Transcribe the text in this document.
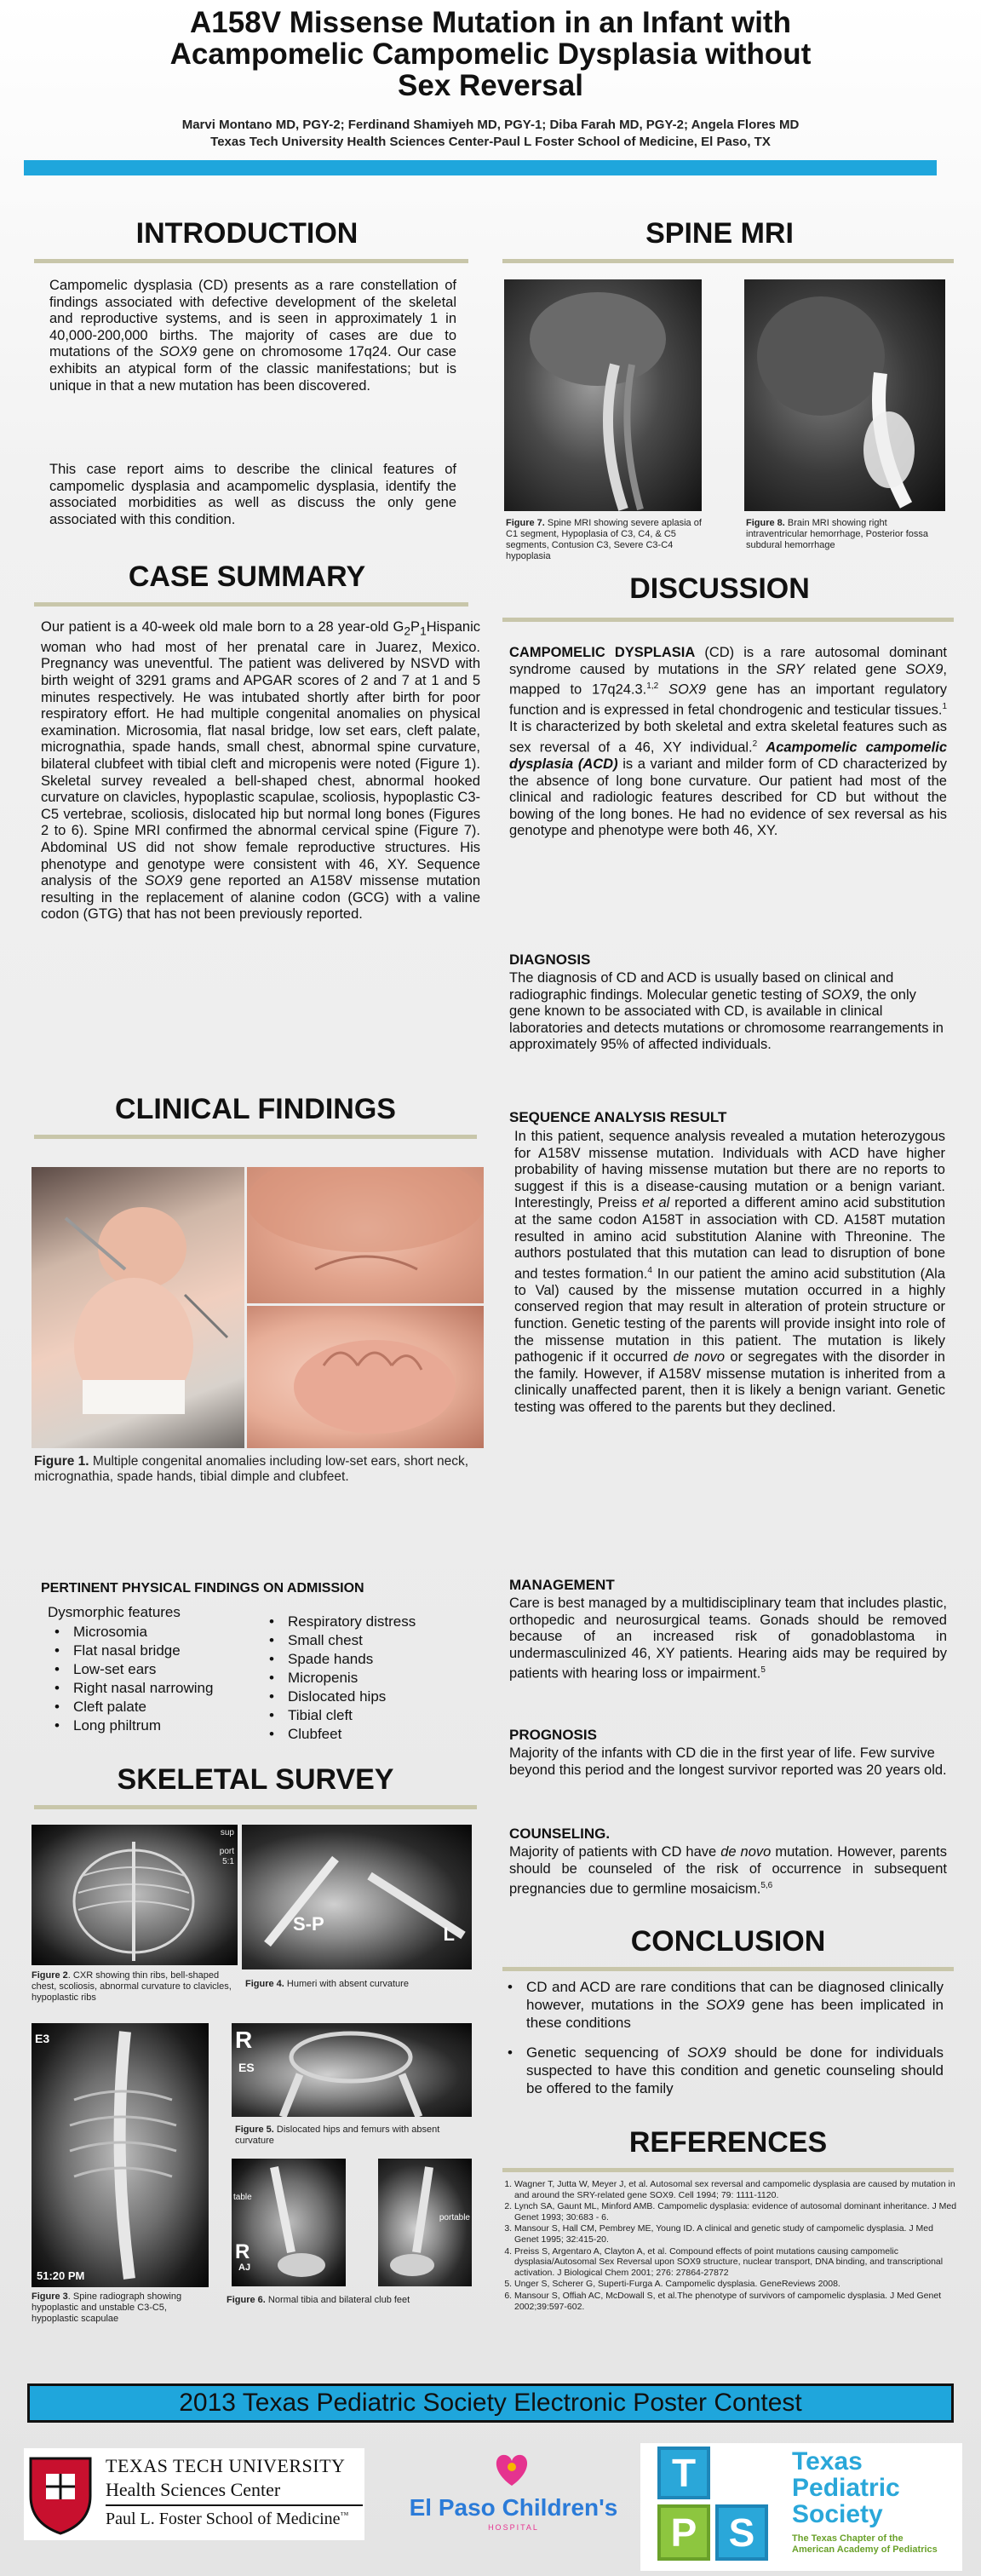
A158V Missense Mutation in an Infant with
Acampomelic Campomelic Dysplasia without
Sex Reversal
Marvi Montano MD, PGY-2; Ferdinand Shamiyeh MD, PGY-1; Diba Farah MD, PGY-2; Angela Flores MD
Texas Tech University Health Sciences Center-Paul L Foster School of Medicine, El Paso, TX
INTRODUCTION
Campomelic dysplasia (CD) presents as a rare constellation of findings associated with defective development of the skeletal and reproductive systems, and is seen in approximately 1 in 40,000-200,000 births. The majority of cases are due to mutations of the SOX9 gene on chromosome 17q24. Our case exhibits an atypical form of the classic manifestations; but is unique in that a new mutation has been discovered.
This case report aims to describe the clinical features of campomelic dysplasia and acampomelic dysplasia, identify the associated morbidities as well as discuss the only gene associated with this condition.
CASE SUMMARY
Our patient is a 40-week old male born to a 28 year-old $G_2P_1Hispanic$ woman who had most of her prenatal care in Juarez, Mexico. Pregnancy was uneventful. The patient was delivered by NSVD with birth weight of 3291 grams and APGAR scores of 2 and 7 at 1 and 5 minutes respectively. He was intubated shortly after birth for poor respiratory effort. He had multiple congenital anomalies on physical examination. Microsomia, flat nasal bridge, low set ears, cleft palate, micrognathia, spade hands, small chest, abnormal spine curvature, bilateral clubfeet with tibial cleft and micropenis were noted (Figure 1). Skeletal survey revealed a bell-shaped chest, abnormal hooked curvature on clavicles, hypoplastic scapulae, scoliosis, hypoplastic C3-C5 vertebrae, scoliosis, dislocated hip but normal long bones (Figures 2 to 6). Spine MRI confirmed the abnormal cervical spine (Figure 7). Abdominal US did not show female reproductive structures. His phenotype and genotype were consistent with 46, XY. Sequence analysis of the SOX9 gene reported an A158V missense mutation resulting in the replacement of alanine codon (GCG) with a valine codon (GTG) that has not been previously reported.
CLINICAL FINDINGS
Figure 1. Multiple congenital anomalies including low-set ears, short neck, micrognathia, spade hands, tibial dimple and clubfeet.
PERTINENT PHYSICAL FINDINGS ON ADMISSION
Dysmorphic features
• Microsomia
• Flat nasal bridge
• Low-set ears
• Right nasal narrowing
• Cleft palate
• Long philtrum
• Respiratory distress
• Small chest
• Spade hands
• Micropenis
• Dislocated hips
• Tibial cleft
• Clubfeet
SKELETAL SURVEY
sup
port
5:1
Figure 2. CXR showing thin ribs, bell-shaped chest, scoliosis, abnormal curvature to clavicles, hypoplastic ribs
S-P	L
Figure 4. Humeri with absent curvature
E3
51:20 PM
Figure 3. Spine radiograph showing hypoplastic and unstable C3-C5, hypoplastic scapulae
R
ES
Figure 5. Dislocated hips and femurs with absent curvature
table
R
AJ
portable
Figure 6. Normal tibia and bilateral club feet
SPINE MRI
Figure 7. Spine MRI showing severe aplasia of C1 segment, Hypoplasia of C3, C4, & C5 segments, Contusion C3, Severe C3-C4 hypoplasia
Figure 8. Brain MRI showing right intraventricular hemorrhage, Posterior fossa subdural hemorrhage
DISCUSSION
CAMPOMELIC DYSPLASIA (CD) is a rare autosomal dominant syndrome caused by mutations in the SRY related gene SOX9, mapped to 17q24.3.$^{1,2}$ SOX9 gene has an important regulatory function and is expressed in fetal chondrogenic and testicular tissues.$^1$ It is characterized by both skeletal and extra skeletal features such as sex reversal of a 46, XY individual.$^2$ Acampomelic campomelic dysplasia (ACD) is a variant and milder form of CD characterized by the absence of long bone curvature. Our patient had most of the clinical and radiologic features described for CD but without the bowing of the long bones. He had no evidence of sex reversal as his genotype and phenotype were both 46, XY.
DIAGNOSIS
The diagnosis of CD and ACD is usually based on clinical and radiographic findings. Molecular genetic testing of SOX9, the only gene known to be associated with CD, is available in clinical laboratories and detects mutations or chromosome rearrangements in approximately 95% of affected individuals.
SEQUENCE ANALYSIS RESULT
In this patient, sequence analysis revealed a mutation heterozygous for A158V missense mutation. Individuals with ACD have higher probability of having missense mutation but there are no reports to suggest if this is a disease-causing mutation or a benign variant. Interestingly, Preiss et al reported a different amino acid substitution at the same codon A158T in association with CD. A158T mutation resulted in amino acid substitution Alanine with Threonine. The authors postulated that this mutation can lead to disruption of bone and testes formation.$^4$ In our patient the amino acid substitution (Ala to Val) caused by the missense mutation occurred in a highly conserved region that may result in alteration of protein structure or function. Genetic testing of the parents will provide insight into role of the missense mutation in this patient. The mutation is likely pathogenic if it occurred de novo or segregates with the disorder in the family. However, if A158V missense mutation is inherited from a clinically unaffected parent, then it is likely a benign variant. Genetic testing was offered to the parents but they declined.
MANAGEMENT
Care is best managed by a multidisciplinary team that includes plastic, orthopedic and neurosurgical teams. Gonads should be removed because of an increased risk of gonadoblastoma in undermasculinized 46, XY patients. Hearing aids may be required by patients with hearing loss or impairment.$^5$
PROGNOSIS
Majority of the infants with CD die in the first year of life. Few survive beyond this period and the longest survivor reported was 20 years old.
COUNSELING.
Majority of patients with CD have de novo mutation. However, parents should be counseled of the risk of occurrence in subsequent pregnancies due to germline mosaicism.$^{5,6}$
CONCLUSION
• CD and ACD are rare conditions that can be diagnosed clinically however, mutations in the SOX9 gene has been implicated in these conditions
• Genetic sequencing of SOX9 should be done for individuals suspected to have this condition and genetic counseling should be offered to the family
REFERENCES
1. Wagner T, Jutta W, Meyer J, et al. Autosomal sex reversal and campomelic dysplasia are caused by mutation in and around the SRY-related gene SOX9. Cell 1994; 79: 1111-1120.
2. Lynch SA, Gaunt ML, Minford AMB. Campomelic dysplasia: evidence of autosomal dominant inheritance. J Med Genet 1993; 30:683 - 6.
3. Mansour S, Hall CM, Pembrey ME, Young ID. A clinical and genetic study of campomelic dysplasia. J Med Genet 1995; 32:415-20.
4. Preiss S, Argentaro A, Clayton A, et al. Compound effects of point mutations causing campomelic dysplasia/Autosomal Sex Reversal upon SOX9 structure, nuclear transport, DNA binding, and transcriptional activation. J Biological Chem 2001; 276: 27864-27872
5. Unger S, Scherer G, Superti-Furga A. Campomelic dysplasia. GeneReviews 2008.
6. Mansour S, Offiah AC, McDowall S, et al.The phenotype of survivors of campomelic dysplasia. J Med Genet 2002;39:597-602.
2013 Texas Pediatric Society Electronic Poster Contest
TEXAS TECH UNIVERSITY
Health Sciences Center
Paul L. Foster School of Medicine™	El Paso Children's
HOSPITAL
T
P S
Texas
Pediatric
Society
The Texas Chapter of the
American Academy of Pediatrics
